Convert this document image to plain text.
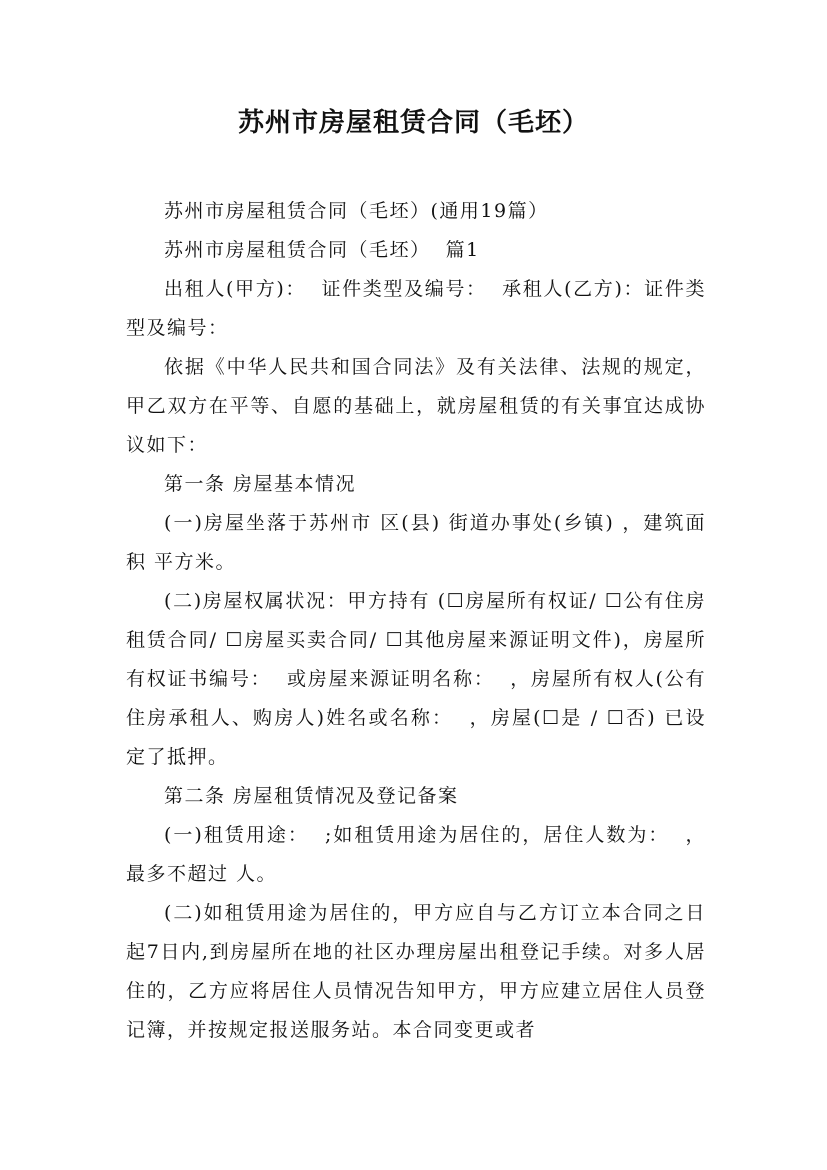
苏州市房屋租赁合同（毛坯）

苏州市房屋租赁合同（毛坯）(通用19篇）

苏州市房屋租赁合同（毛坯）  篇1

出租人(甲方)：  证件类型及编号：  承租人(乙方)：证件类型及编号：

依据《中华人民共和国合同法》及有关法律、法规的规定，甲乙双方在平等、自愿的基础上，就房屋租赁的有关事宜达成协议如下：

第一条 房屋基本情况

(一)房屋坐落于苏州市 区(县) 街道办事处(乡镇) ，建筑面积 平方米。

(二)房屋权属状况：甲方持有 (☐房屋所有权证/ ☐公有住房租赁合同/ ☐房屋买卖合同/ ☐其他房屋来源证明文件)，房屋所有权证书编号：  或房屋来源证明名称：  ，房屋所有权人(公有住房承租人、购房人)姓名或名称：  ，房屋(☐是 / ☐否) 已设定了抵押。

第二条 房屋租赁情况及登记备案

(一)租赁用途：  ;如租赁用途为居住的，居住人数为：  ，最多不超过 人。

(二)如租赁用途为居住的，甲方应自与乙方订立本合同之日起7日内,到房屋所在地的社区办理房屋出租登记手续。对多人居住的，乙方应将居住人员情况告知甲方，甲方应建立居住人员登记簿，并按规定报送服务站。本合同变更或者
